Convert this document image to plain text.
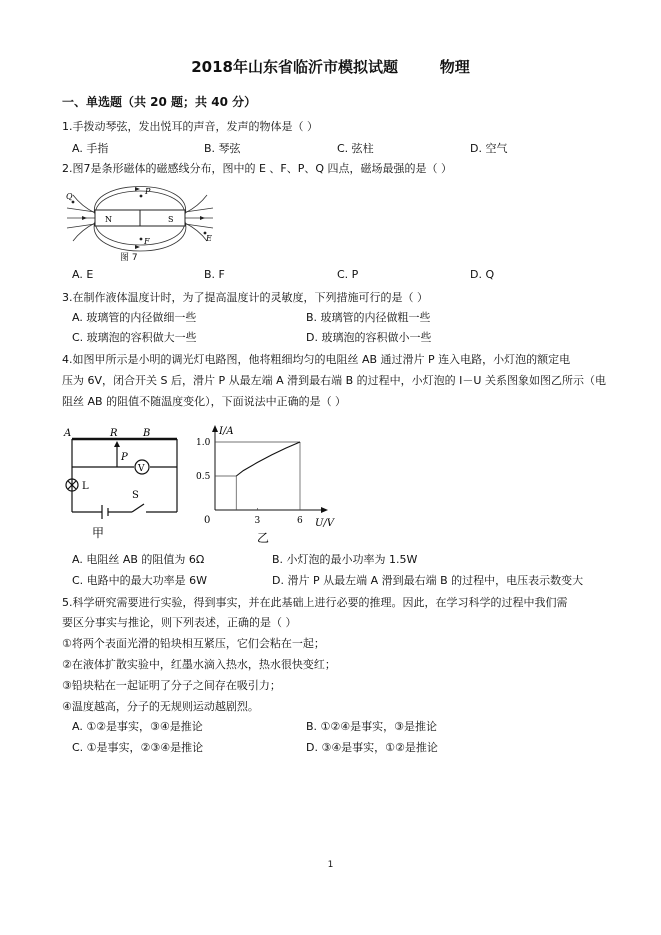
2018年山东省临沂市模拟试题        物理
一、单选题（共 20 题；共 40 分）
1.手拨动琴弦，发出悦耳的声音，发声的物体是（ ）
A. 手指	B. 琴弦	C. 弦柱	D. 空气
2.图7是条形磁体的磁感线分布，图中的 E 、F、P、Q 四点，磁场最强的是（ ）
N	S
Q
P
E
F
图 7
A. E	B. F	C. P	D. Q
3.在制作液体温度计时，为了提高温度计的灵敏度，下列措施可行的是（ ）
A. 玻璃管的内径做细一些	B. 玻璃管的内径做粗一些
C. 玻璃泡的容积做大一些	D. 玻璃泡的容积做小一些
4.如图甲所示是小明的调光灯电路图，他将粗细均匀的电阻丝 AB 通过滑片 P 连入电路，小灯泡的额定电
压为 6V，闭合开关 S 后，滑片 P 从最左端 A 滑到最右端 B 的过程中，小灯泡的 I－U 关系图象如图乙所示（电
阻丝 AB 的阻值不随温度变化），下面说法中正确的是（ ）
A	R	B
P
V
L
S
甲
I/A
U/V
0
1.0
0.5
3	6
乙
A. 电阻丝 AB 的阻值为 6Ω	B. 小灯泡的最小功率为 1.5W
C. 电路中的最大功率是 6W	D. 滑片 P 从最左端 A 滑到最右端 B 的过程中，电压表示数变大
5.科学研究需要进行实验，得到事实，并在此基础上进行必要的推理。因此，在学习科学的过程中我们需
要区分事实与推论，则下列表述，正确的是（ ）
①将两个表面光滑的铅块相互紧压，它们会粘在一起；
②在液体扩散实验中，红墨水滴入热水，热水很快变红；
③铅块粘在一起证明了分子之间存在吸引力；
④温度越高，分子的无规则运动越剧烈。
A. ①②是事实，③④是推论	B. ①②④是事实，③是推论
C. ①是事实，②③④是推论	D. ③④是事实，①②是推论
1
